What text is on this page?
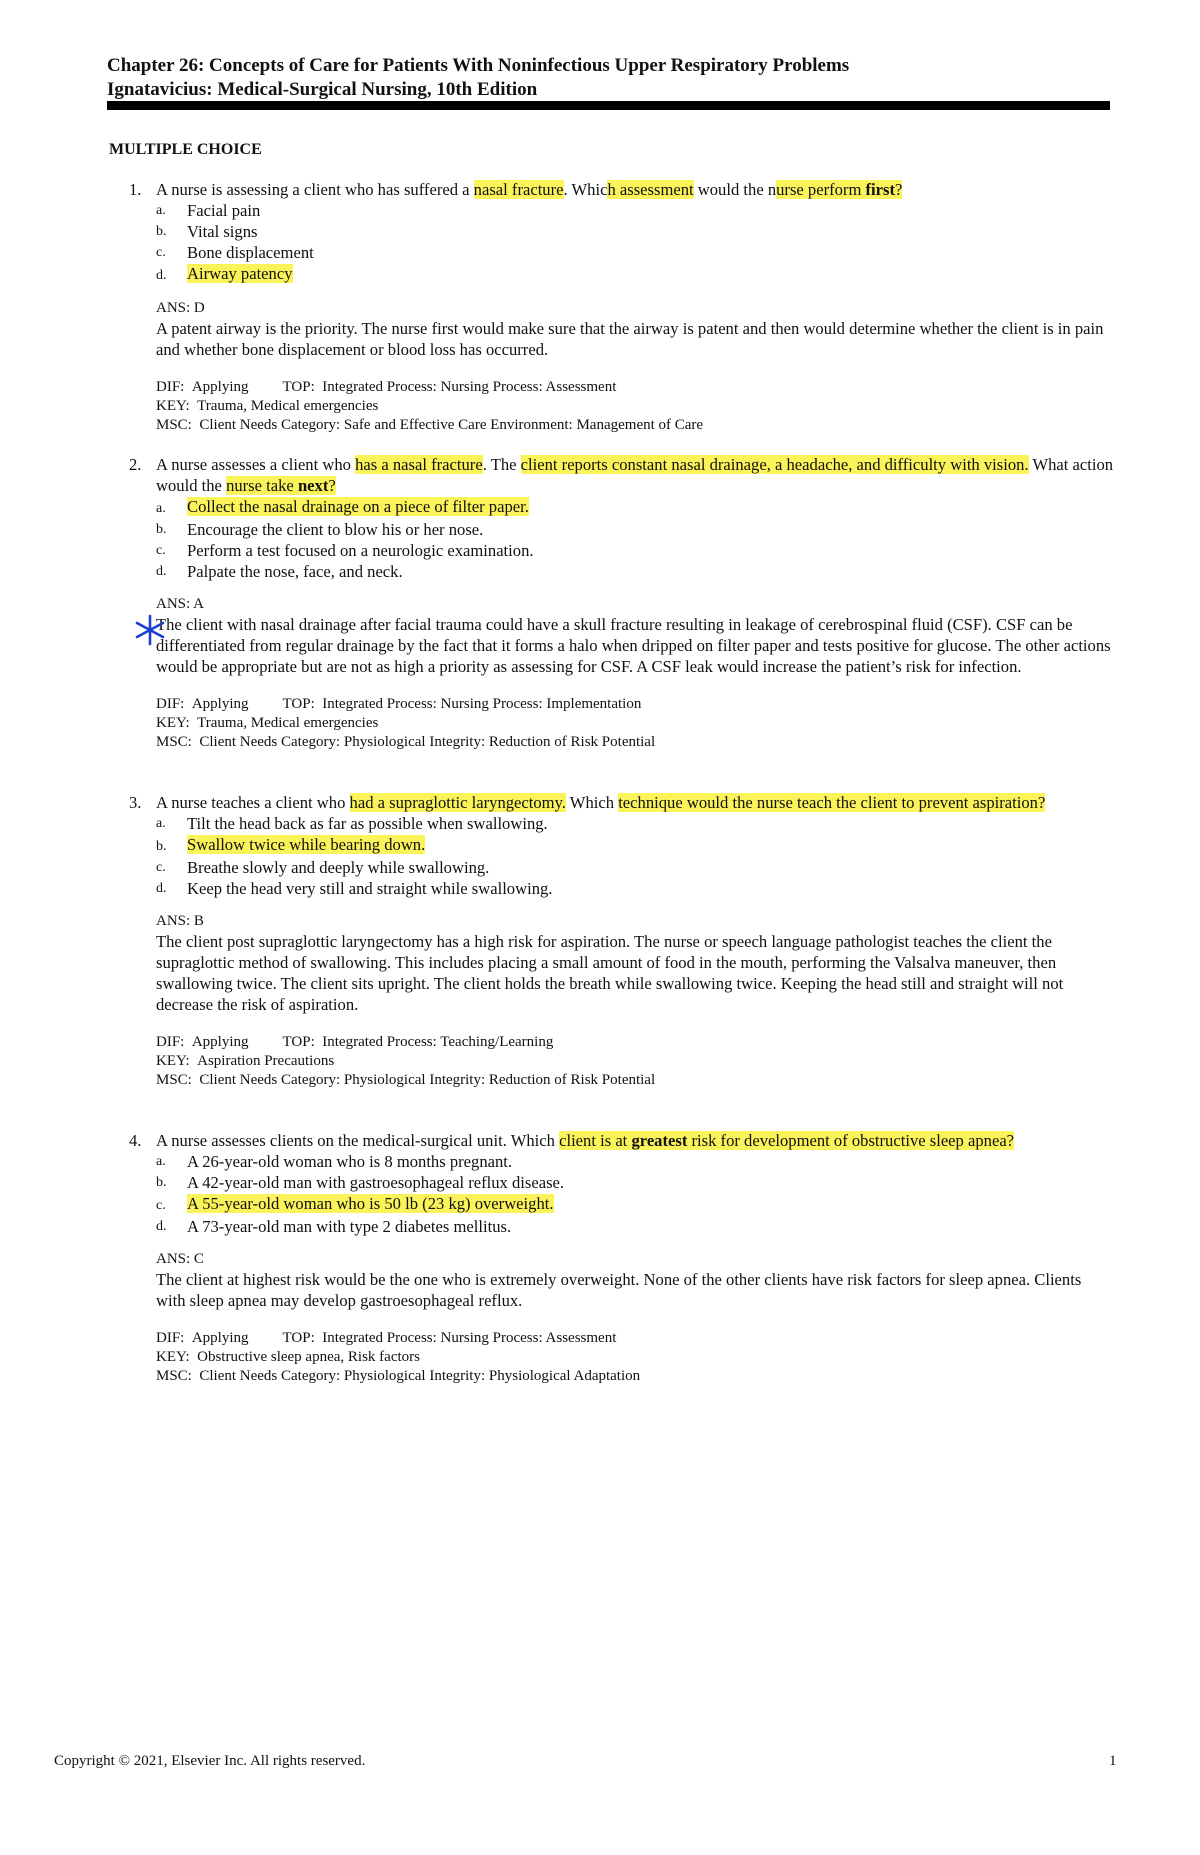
Chapter 26: Concepts of Care for Patients With Noninfectious Upper Respiratory Problems
Ignatavicius: Medical-Surgical Nursing, 10th Edition
MULTIPLE CHOICE
1. A nurse is assessing a client who has suffered a nasal fracture. Which assessment would the nurse perform first?
a. Facial pain
b. Vital signs
c. Bone displacement
d. Airway patency
ANS: D
A patent airway is the priority. The nurse first would make sure that the airway is patent and then would determine whether the client is in pain and whether bone displacement or blood loss has occurred.
DIF: Applying TOP: Integrated Process: Nursing Process: Assessment
KEY: Trauma, Medical emergencies
MSC: Client Needs Category: Safe and Effective Care Environment: Management of Care
2. A nurse assesses a client who has a nasal fracture. The client reports constant nasal drainage, a headache, and difficulty with vision. What action would the nurse take next?
a. Collect the nasal drainage on a piece of filter paper.
b. Encourage the client to blow his or her nose.
c. Perform a test focused on a neurologic examination.
d. Palpate the nose, face, and neck.
ANS: A
The client with nasal drainage after facial trauma could have a skull fracture resulting in leakage of cerebrospinal fluid (CSF). CSF can be differentiated from regular drainage by the fact that it forms a halo when dripped on filter paper and tests positive for glucose. The other actions would be appropriate but are not as high a priority as assessing for CSF. A CSF leak would increase the patient’s risk for infection.
DIF: Applying TOP: Integrated Process: Nursing Process: Implementation
KEY: Trauma, Medical emergencies
MSC: Client Needs Category: Physiological Integrity: Reduction of Risk Potential
3. A nurse teaches a client who had a supraglottic laryngectomy. Which technique would the nurse teach the client to prevent aspiration?
a. Tilt the head back as far as possible when swallowing.
b. Swallow twice while bearing down.
c. Breathe slowly and deeply while swallowing.
d. Keep the head very still and straight while swallowing.
ANS: B
The client post supraglottic laryngectomy has a high risk for aspiration. The nurse or speech language pathologist teaches the client the supraglottic method of swallowing. This includes placing a small amount of food in the mouth, performing the Valsalva maneuver, then swallowing twice. The client sits upright. The client holds the breath while swallowing twice. Keeping the head still and straight will not decrease the risk of aspiration.
DIF: Applying TOP: Integrated Process: Teaching/Learning
KEY: Aspiration Precautions
MSC: Client Needs Category: Physiological Integrity: Reduction of Risk Potential
4. A nurse assesses clients on the medical-surgical unit. Which client is at greatest risk for development of obstructive sleep apnea?
a. A 26-year-old woman who is 8 months pregnant.
b. A 42-year-old man with gastroesophageal reflux disease.
c. A 55-year-old woman who is 50 lb (23 kg) overweight.
d. A 73-year-old man with type 2 diabetes mellitus.
ANS: C
The client at highest risk would be the one who is extremely overweight. None of the other clients have risk factors for sleep apnea. Clients with sleep apnea may develop gastroesophageal reflux.
DIF: Applying TOP: Integrated Process: Nursing Process: Assessment
KEY: Obstructive sleep apnea, Risk factors
MSC: Client Needs Category: Physiological Integrity: Physiological Adaptation
Copyright © 2021, Elsevier Inc. All rights reserved.	1
